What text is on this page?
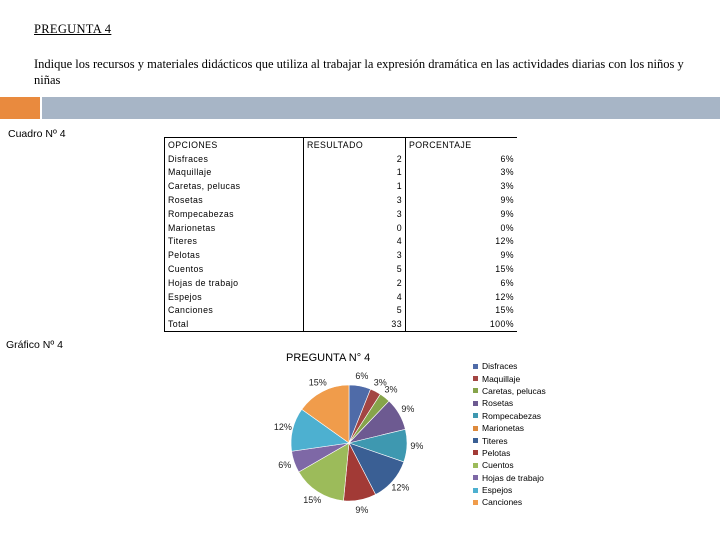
PREGUNTA 4
Indique los recursos y materiales didácticos que utiliza al trabajar la expresión dramática en las actividades diarias con los niños y niñas
Cuadro Nº 4
OPCIONES	RESULTADO	PORCENTAJE
Disfraces	2	6%
Maquillaje	1	3%
Caretas, pelucas	1	3%
Rosetas	3	9%
Rompecabezas	3	9%
Marionetas	0	0%
Titeres	4	12%
Pelotas	3	9%
Cuentos	5	15%
Hojas de trabajo	2	6%
Espejos	4	12%
Canciones	5	15%
Total	33	100%
Gráfico Nº 4
PREGUNTA N° 4
6%
3%
3%
9%
9%
12%
9%
15%
6%
12%
15%
Disfraces
Maquillaje
Caretas, pelucas
Rosetas
Rompecabezas
Marionetas
Titeres
Pelotas
Cuentos
Hojas de trabajo
Espejos
Canciones
